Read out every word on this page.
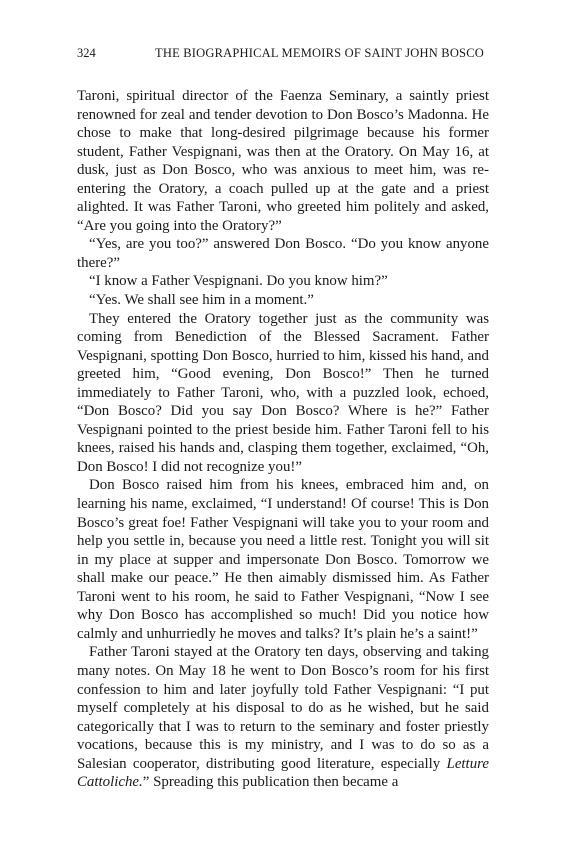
324	THE BIOGRAPHICAL MEMOIRS OF SAINT JOHN BOSCO

Taroni, spiritual director of the Faenza Seminary, a saintly priest renowned for zeal and tender devotion to Don Bosco’s Madonna. He chose to make that long-desired pilgrimage because his former student, Father Vespignani, was then at the Oratory. On May 16, at dusk, just as Don Bosco, who was anxious to meet him, was re-entering the Oratory, a coach pulled up at the gate and a priest alighted. It was Father Taroni, who greeted him politely and asked, “Are you going into the Oratory?”

“Yes, are you too?” answered Don Bosco. “Do you know anyone there?”

“I know a Father Vespignani. Do you know him?”

“Yes. We shall see him in a moment.”

They entered the Oratory together just as the community was coming from Benediction of the Blessed Sacrament. Father Vespignani, spotting Don Bosco, hurried to him, kissed his hand, and greeted him, “Good evening, Don Bosco!” Then he turned immediately to Father Taroni, who, with a puzzled look, echoed, “Don Bosco? Did you say Don Bosco? Where is he?” Father Vespignani pointed to the priest beside him. Father Taroni fell to his knees, raised his hands and, clasping them together, exclaimed, “Oh, Don Bosco! I did not recognize you!”

Don Bosco raised him from his knees, embraced him and, on learning his name, exclaimed, “I understand! Of course! This is Don Bosco’s great foe! Father Vespignani will take you to your room and help you settle in, because you need a little rest. Tonight you will sit in my place at supper and impersonate Don Bosco. Tomorrow we shall make our peace.” He then aimably dismissed him. As Father Taroni went to his room, he said to Father Vespignani, “Now I see why Don Bosco has accomplished so much! Did you notice how calmly and unhurriedly he moves and talks? It’s plain he’s a saint!”

Father Taroni stayed at the Oratory ten days, observing and taking many notes. On May 18 he went to Don Bosco’s room for his first confession to him and later joyfully told Father Vespignani: “I put myself completely at his disposal to do as he wished, but he said categorically that I was to return to the seminary and foster priestly vocations, because this is my ministry, and I was to do so as a Salesian cooperator, distributing good literature, especially Letture Cattoliche.” Spreading this publication then became a
